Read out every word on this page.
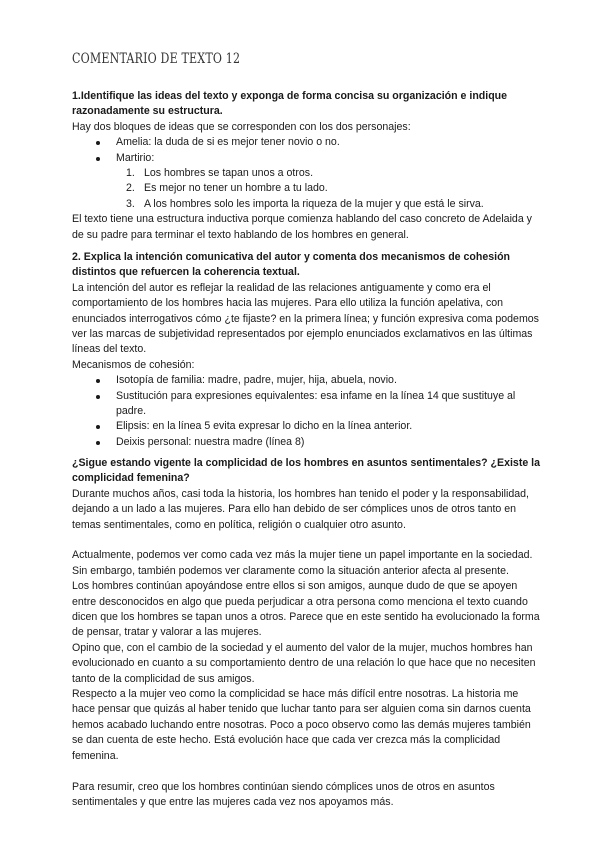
COMENTARIO DE TEXTO 12

1.Identifique las ideas del texto y exponga de forma concisa su organización e indique razonadamente su estructura.

Hay dos bloques de ideas que se corresponden con los dos personajes:

Amelia: la duda de si es mejor tener novio o no.
Martirio:
1. Los hombres se tapan unos a otros.
2. Es mejor no tener un hombre a tu lado.
3. A los hombres solo les importa la riqueza de la mujer y que está le sirva.

El texto tiene una estructura inductiva porque comienza hablando del caso concreto de Adelaida y de su padre para terminar el texto hablando de los hombres en general.

2. Explica la intención comunicativa del autor y comenta dos mecanismos de cohesión distintos que refuercen la coherencia textual.

La intención del autor es reflejar la realidad de las relaciones antiguamente y como era el comportamiento de los hombres hacia las mujeres. Para ello utiliza la función apelativa, con enunciados interrogativos cómo ¿te fijaste? en la primera línea; y función expresiva coma podemos ver las marcas de subjetividad representados por ejemplo enunciados exclamativos en las últimas líneas del texto.

Mecanismos de cohesión:

Isotopía de familia: madre, padre, mujer, hija, abuela, novio.
Sustitución para expresiones equivalentes: esa infame en la línea 14 que sustituye al padre.
Elipsis: en la línea 5 evita expresar lo dicho en la línea anterior.
Deixis personal: nuestra madre (línea 8)

¿Sigue estando vigente la complicidad de los hombres en asuntos sentimentales? ¿Existe la complicidad femenina?

Durante muchos años, casi toda la historia, los hombres han tenido el poder y la responsabilidad, dejando a un lado a las mujeres. Para ello han debido de ser cómplices unos de otros tanto en temas sentimentales, como en política, religión o cualquier otro asunto.

Actualmente, podemos ver como cada vez más la mujer tiene un papel importante en la sociedad. Sin embargo, también podemos ver claramente como la situación anterior afecta al presente.

Los hombres continúan apoyándose entre ellos si son amigos, aunque dudo de que se apoyen entre desconocidos en algo que pueda perjudicar a otra persona como menciona el texto cuando dicen que los hombres se tapan unos a otros. Parece que en este sentido ha evolucionado la forma de pensar, tratar y valorar a las mujeres.

Opino que, con el cambio de la sociedad y el aumento del valor de la mujer, muchos hombres han evolucionado en cuanto a su comportamiento dentro de una relación lo que hace que no necesiten tanto de la complicidad de sus amigos.

Respecto a la mujer veo como la complicidad se hace más difícil entre nosotras. La historia me hace pensar que quizás al haber tenido que luchar tanto para ser alguien coma sin darnos cuenta hemos acabado luchando entre nosotras. Poco a poco observo como las demás mujeres también se dan cuenta de este hecho. Está evolución hace que cada ver crezca más la complicidad femenina.

Para resumir, creo que los hombres continúan siendo cómplices unos de otros en asuntos sentimentales y que entre las mujeres cada vez nos apoyamos más.
